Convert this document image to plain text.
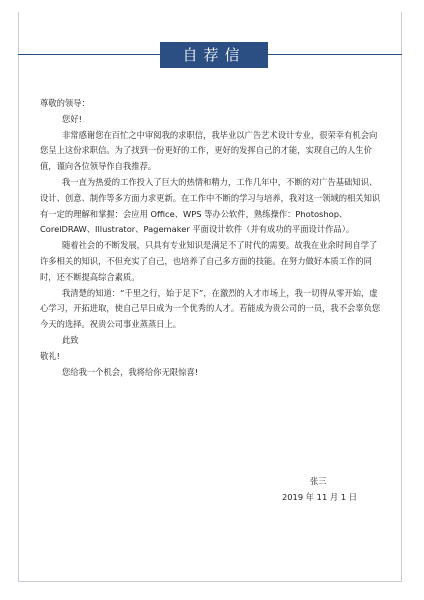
自荐信

尊敬的领导：

您好!

非常感谢您在百忙之中审阅我的求职信，我毕业以广告艺术设计专业，很荣幸有机会向您呈上这份求职信。为了找到一份更好的工作，更好的发挥自己的才能，实现自己的人生价值，谨向各位领导作自我推荐。

我一直为热爱的工作投入了巨大的热情和精力，工作几年中，不断的对广告基础知识、设计、创意、制作等多方面力求更新。在工作中不断的学习与培养，我对这一领域的相关知识有一定的理解和掌握：会应用 Office、WPS 等办公软件，熟练操作：Photoshop、CorelDRAW、Illustrator、Pagemaker 平面设计软件（并有成功的平面设计作品）。

随着社会的不断发展，只具有专业知识是满足不了时代的需要。故我在业余时间自学了许多相关的知识，不但充实了自己，也培养了自己多方面的技能。在努力做好本质工作的同时，还不断提高综合素质。

我清楚的知道：“千里之行，始于足下”，在激烈的人才市场上，我一切得从零开始，虚心学习，开拓进取，使自己早日成为一个优秀的人才。若能成为贵公司的一员，我不会辜负您今天的选择。祝贵公司事业蒸蒸日上。

此致

敬礼!

您给我一个机会，我将给你无限惊喜!

张三
2019 年 11 月 1 日
